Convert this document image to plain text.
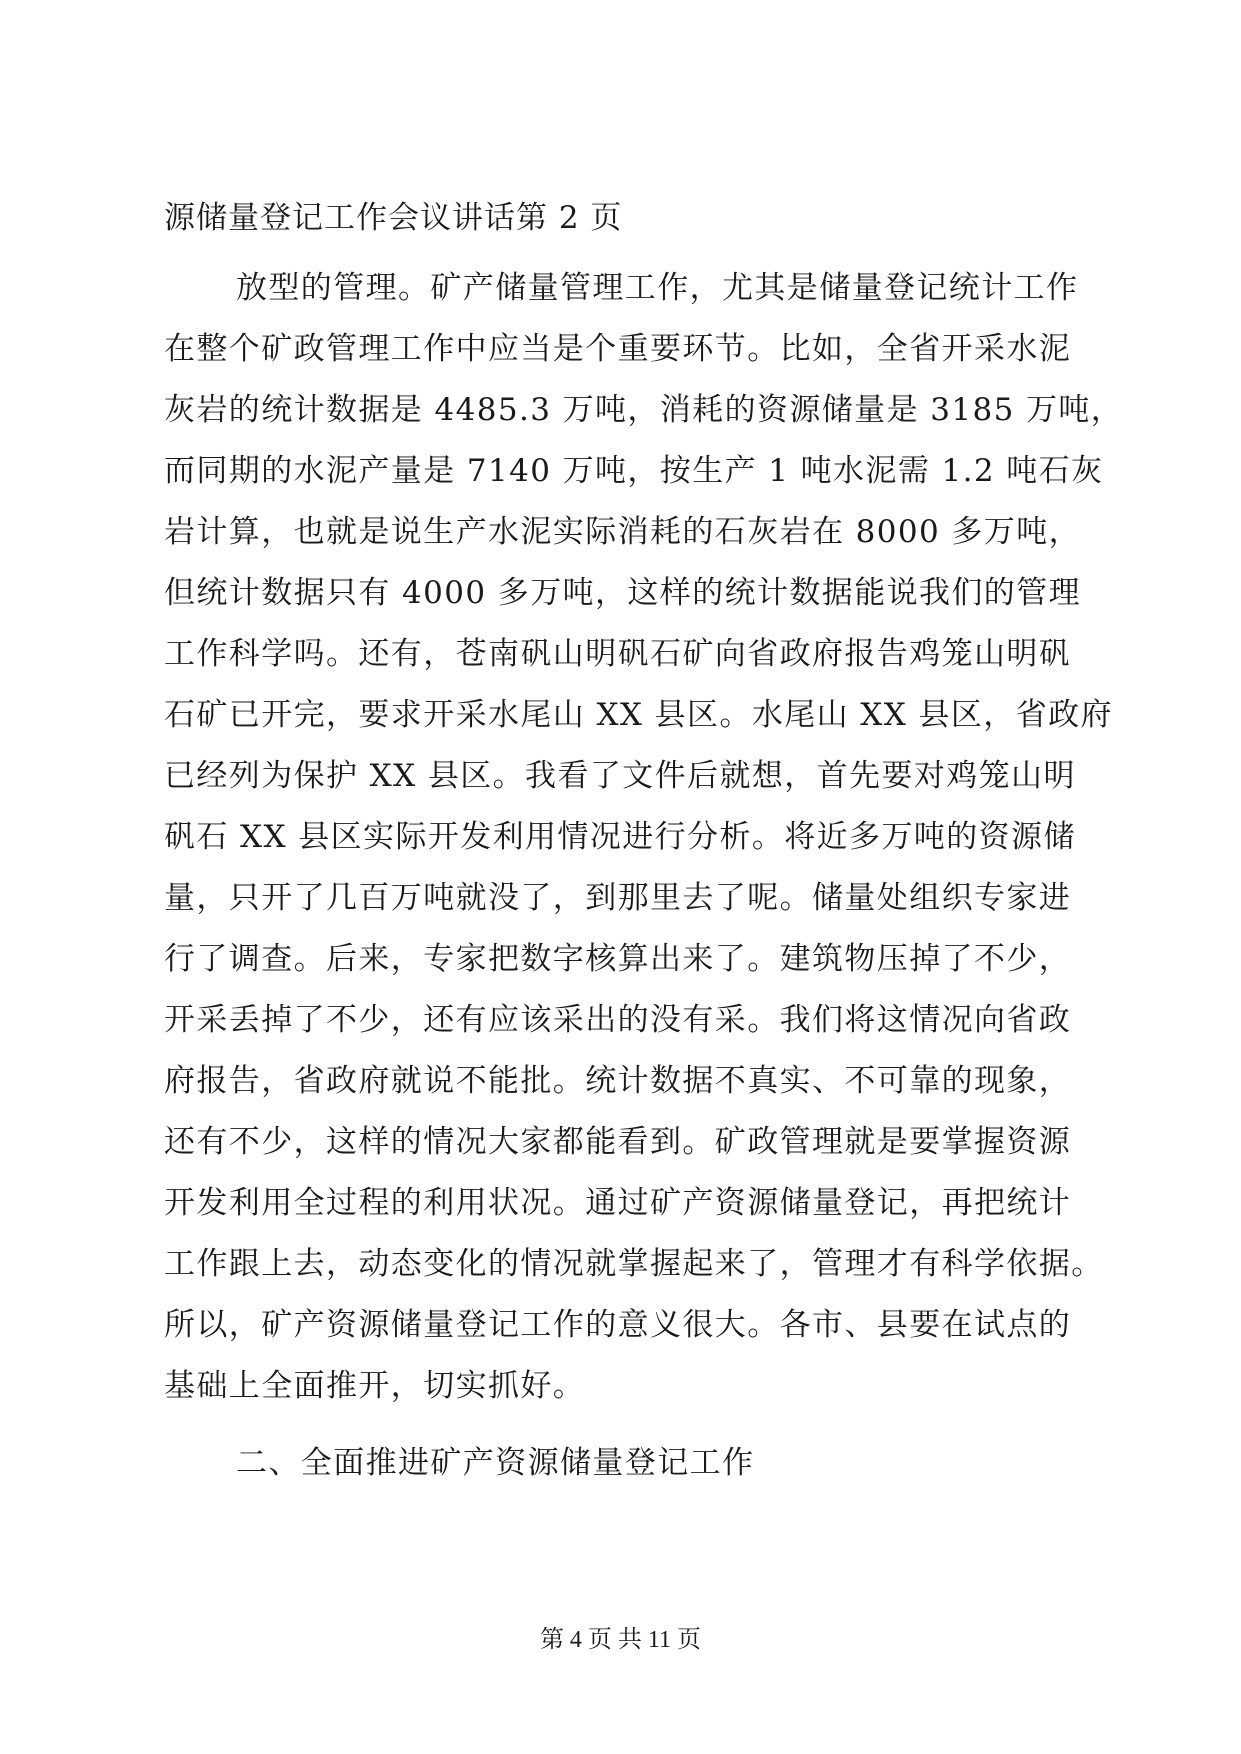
源储量登记工作会议讲话第 2 页
放型的管理。矿产储量管理工作，尤其是储量登记统计工作
在整个矿政管理工作中应当是个重要环节。比如，全省开采水泥
灰岩的统计数据是 4485.3 万吨，消耗的资源储量是 3185 万吨，
而同期的水泥产量是 7140 万吨，按生产 1 吨水泥需 1.2 吨石灰
岩计算，也就是说生产水泥实际消耗的石灰岩在 8000 多万吨，
但统计数据只有 4000 多万吨，这样的统计数据能说我们的管理
工作科学吗。还有，苍南矾山明矾石矿向省政府报告鸡笼山明矾
石矿已开完，要求开采水尾山 XX 县区。水尾山 XX 县区，省政府
已经列为保护 XX 县区。我看了文件后就想，首先要对鸡笼山明
矾石 XX 县区实际开发利用情况进行分析。将近多万吨的资源储
量，只开了几百万吨就没了，到那里去了呢。储量处组织专家进
行了调查。后来，专家把数字核算出来了。建筑物压掉了不少，
开采丢掉了不少，还有应该采出的没有采。我们将这情况向省政
府报告，省政府就说不能批。统计数据不真实、不可靠的现象，
还有不少，这样的情况大家都能看到。矿政管理就是要掌握资源
开发利用全过程的利用状况。通过矿产资源储量登记，再把统计
工作跟上去，动态变化的情况就掌握起来了，管理才有科学依据。
所以，矿产资源储量登记工作的意义很大。各市、县要在试点的
基础上全面推开，切实抓好。
二、全面推进矿产资源储量登记工作
第 4 页 共 11 页
